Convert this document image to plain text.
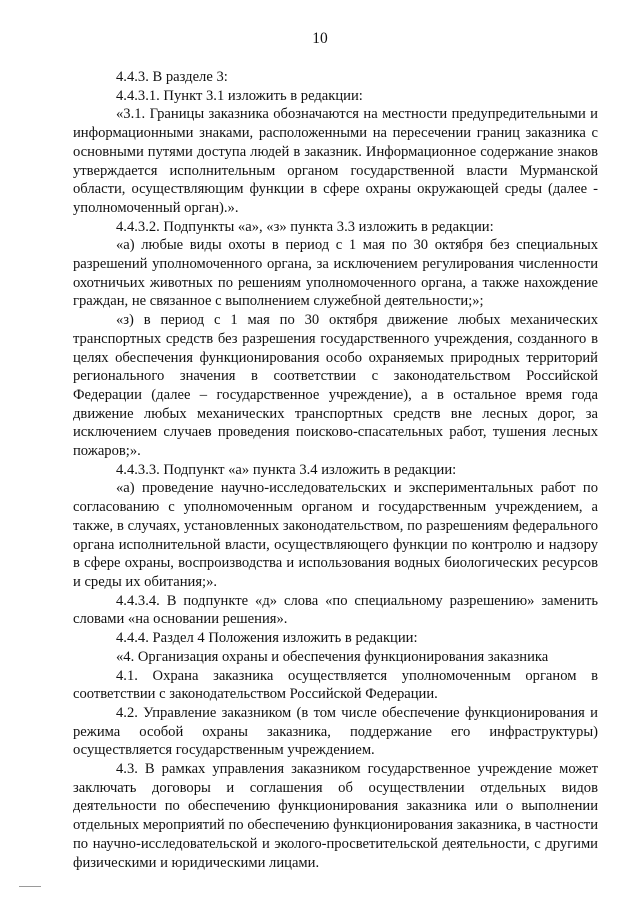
10

4.4.3. В разделе 3:

4.4.3.1. Пункт 3.1 изложить в редакции:

«3.1. Границы заказника обозначаются на местности предупредительными и информационными знаками, расположенными на пересечении границ заказника с основными путями доступа людей в заказник. Информационное содержание знаков утверждается исполнительным органом государственной власти Мурманской области, осуществляющим функции в сфере охраны окружающей среды (далее - уполномоченный орган).».

4.4.3.2. Подпункты «а», «з» пункта 3.3 изложить в редакции:

«а) любые виды охоты в период с 1 мая по 30 октября без специальных разрешений уполномоченного органа, за исключением регулирования численности охотничьих животных по решениям уполномоченного органа, а также нахождение граждан, не связанное с выполнением служебной деятельности;»;

«з) в период с 1 мая по 30 октября движение любых механических транспортных средств без разрешения государственного учреждения, созданного в целях обеспечения функционирования особо охраняемых природных территорий регионального значения в соответствии с законодательством Российской Федерации (далее – государственное учреждение), а в остальное время года движение любых механических транспортных средств вне лесных дорог, за исключением случаев проведения поисково-спасательных работ, тушения лесных пожаров;».

4.4.3.3. Подпункт «а» пункта 3.4 изложить в редакции:

«а) проведение научно-исследовательских и экспериментальных работ по согласованию с уполномоченным органом и государственным учреждением, а также, в случаях, установленных законодательством, по разрешениям федерального органа исполнительной власти, осуществляющего функции по контролю и надзору в сфере охраны, воспроизводства и использования водных биологических ресурсов и среды их обитания;».

4.4.3.4. В подпункте «д» слова «по специальному разрешению» заменить словами «на основании решения».

4.4.4. Раздел 4 Положения изложить в редакции:

«4. Организация охраны и обеспечения функционирования заказника

4.1. Охрана заказника осуществляется уполномоченным органом в соответствии с законодательством Российской Федерации.

4.2. Управление заказником (в том числе обеспечение функционирования и режима особой охраны заказника, поддержание его инфраструктуры) осуществляется государственным учреждением.

4.3. В рамках управления заказником государственное учреждение может заключать договоры и соглашения об осуществлении отдельных видов деятельности по обеспечению функционирования заказника или о выполнении отдельных мероприятий по обеспечению функционирования заказника, в частности по научно-исследовательской и эколого-просветительской деятельности, с другими физическими и юридическими лицами.
